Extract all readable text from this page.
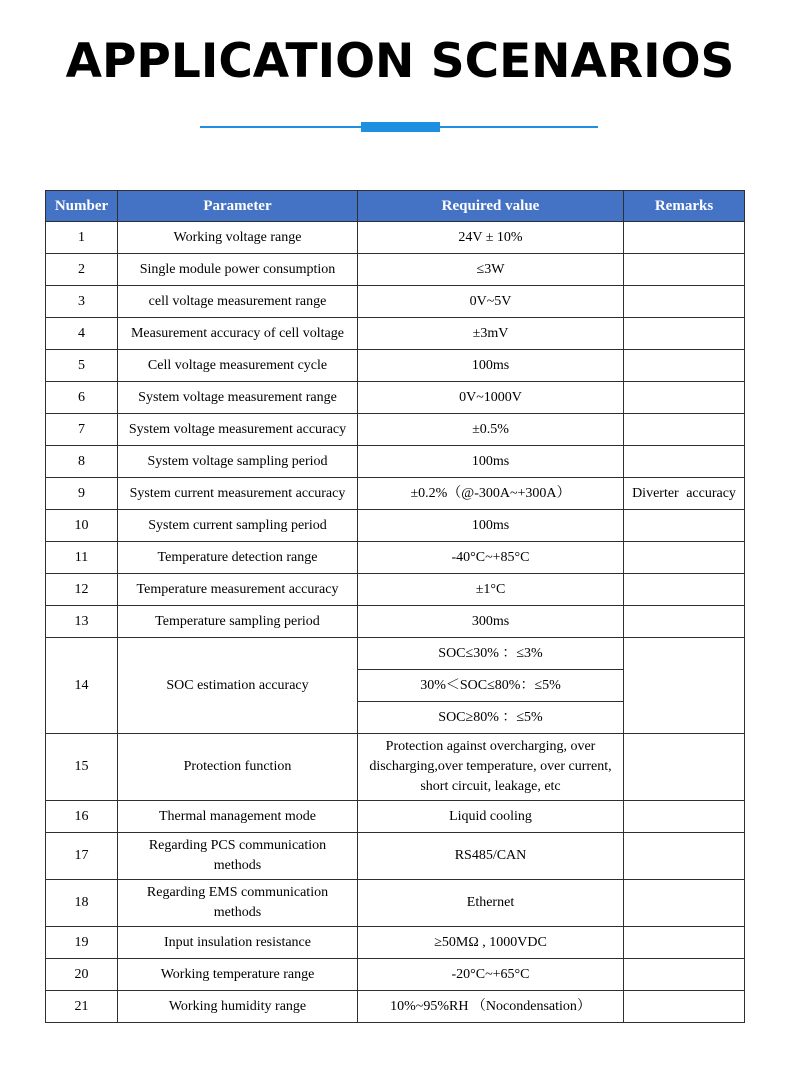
APPLICATION SCENARIOS
Number	Parameter	Required value	Remarks
1	Working voltage range	24V ± 10%	
2	Single module power consumption	≤3W	
3	cell voltage measurement range	0V~5V	
4	Measurement accuracy of cell voltage	±3mV	
5	Cell voltage measurement cycle	100ms	
6	System voltage measurement range	0V~1000V	
7	System voltage measurement accuracy	±0.5%	
8	System voltage sampling period	100ms	
9	System current measurement accuracy	±0.2%（@-300A~+300A）	Diverter accuracy
10	System current sampling period	100ms	
11	Temperature detection range	-40°C~+85°C	
12	Temperature measurement accuracy	±1°C	
13	Temperature sampling period	300ms	
14	SOC estimation accuracy	SOC≤30% ：≤3%	
		30%＜SOC≤80%：≤5%	
		SOC≥80% ：≤5%	
15	Protection function	Protection against overcharging, over discharging,over temperature, over current, short circuit, leakage, etc	
16	Thermal management mode	Liquid cooling	
17	Regarding PCS communication methods	RS485/CAN	
18	Regarding EMS communication methods	Ethernet	
19	Input insulation resistance	≥50MΩ , 1000VDC	
20	Working temperature range	-20°C~+65°C	
21	Working humidity range	10%~95%RH （Nocondensation）	
